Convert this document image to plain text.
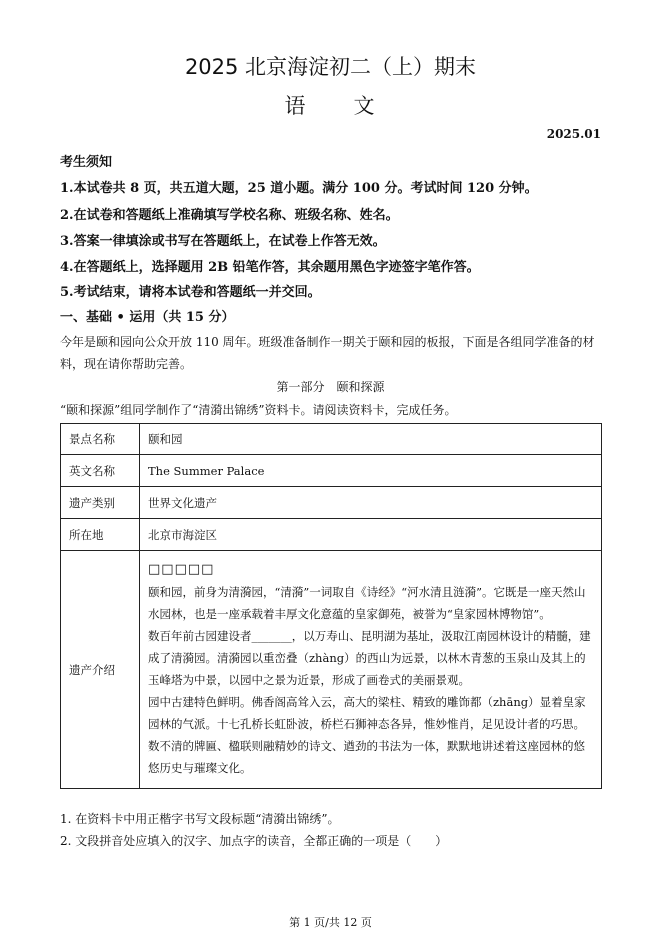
2025 北京海淀初二（上）期末
语　　文
2025.01
考生须知
1.本试卷共 8 页，共五道大题，25 道小题。满分 100 分。考试时间 120 分钟。
2.在试卷和答题纸上准确填写学校名称、班级名称、姓名。
3.答案一律填涂或书写在答题纸上，在试卷上作答无效。
4.在答题纸上，选择题用 2B 铅笔作答，其余题用黑色字迹签字笔作答。
5.考试结束，请将本试卷和答题纸一并交回。
一、基础 • 运用（共 15 分）
今年是颐和园向公众开放 110 周年。班级准备制作一期关于颐和园的板报，下面是各组同学准备的材料，现在请你帮助完善。
第一部分　颐和探源
“颐和探源”组同学制作了“清漪出锦绣”资料卡。请阅读资料卡，完成任务。
景点名称	颐和园
英文名称	The Summer Palace
遗产类别	世界文化遗产
所在地	北京市海淀区
遗产介绍	□□□□□

颐和园，前身为清漪园，“清漪”一词取自《诗经》“河水清且涟漪”。它既是一座天然山水园林，也是一座承载着丰厚文化意蕴的皇家御苑，被誉为“皇家园林博物馆”。

数百年前古园建设者_______，以万寿山、昆明湖为基址，汲取江南园林设计的精髓，建成了清漪园。清漪园以重峦叠（zhàng）的西山为远景，以林木青葱的玉泉山及其上的玉峰塔为中景，以园中之景为近景，形成了画卷式的美丽景观。

园中古建特色鲜明。佛香阁高耸入云，高大的梁柱、精致的雕饰都（zhāng）显着皇家园林的气派。十七孔桥长虹卧波，桥栏石狮神态各异，惟妙惟肖，足见设计者的巧思。数不清的牌匾、楹联则融精妙的诗文、遒劲的书法为一体，默默地讲述着这座园林的悠悠历史与璀璨文化。

1. 在资料卡中用正楷字书写文段标题“清漪出锦绣”。
2. 文段拼音处应填入的汉字、加点字的读音，全都正确的一项是（　　）
第 1 页/共 12 页
